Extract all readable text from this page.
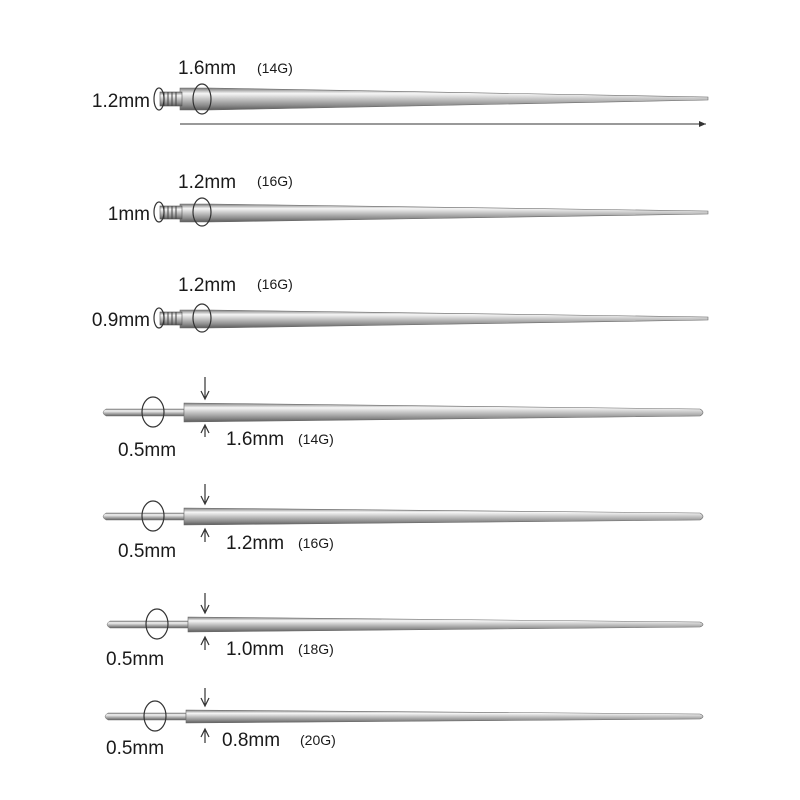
1.2mm
1.6mm (14G)
1mm
1.2mm (16G)
0.9mm
1.2mm (16G)
0.5mm
1.6mm (14G)
0.5mm	1.2mm (16G)
0.5mm	1.0mm (18G)
0.5mm	0.8mm (20G)
